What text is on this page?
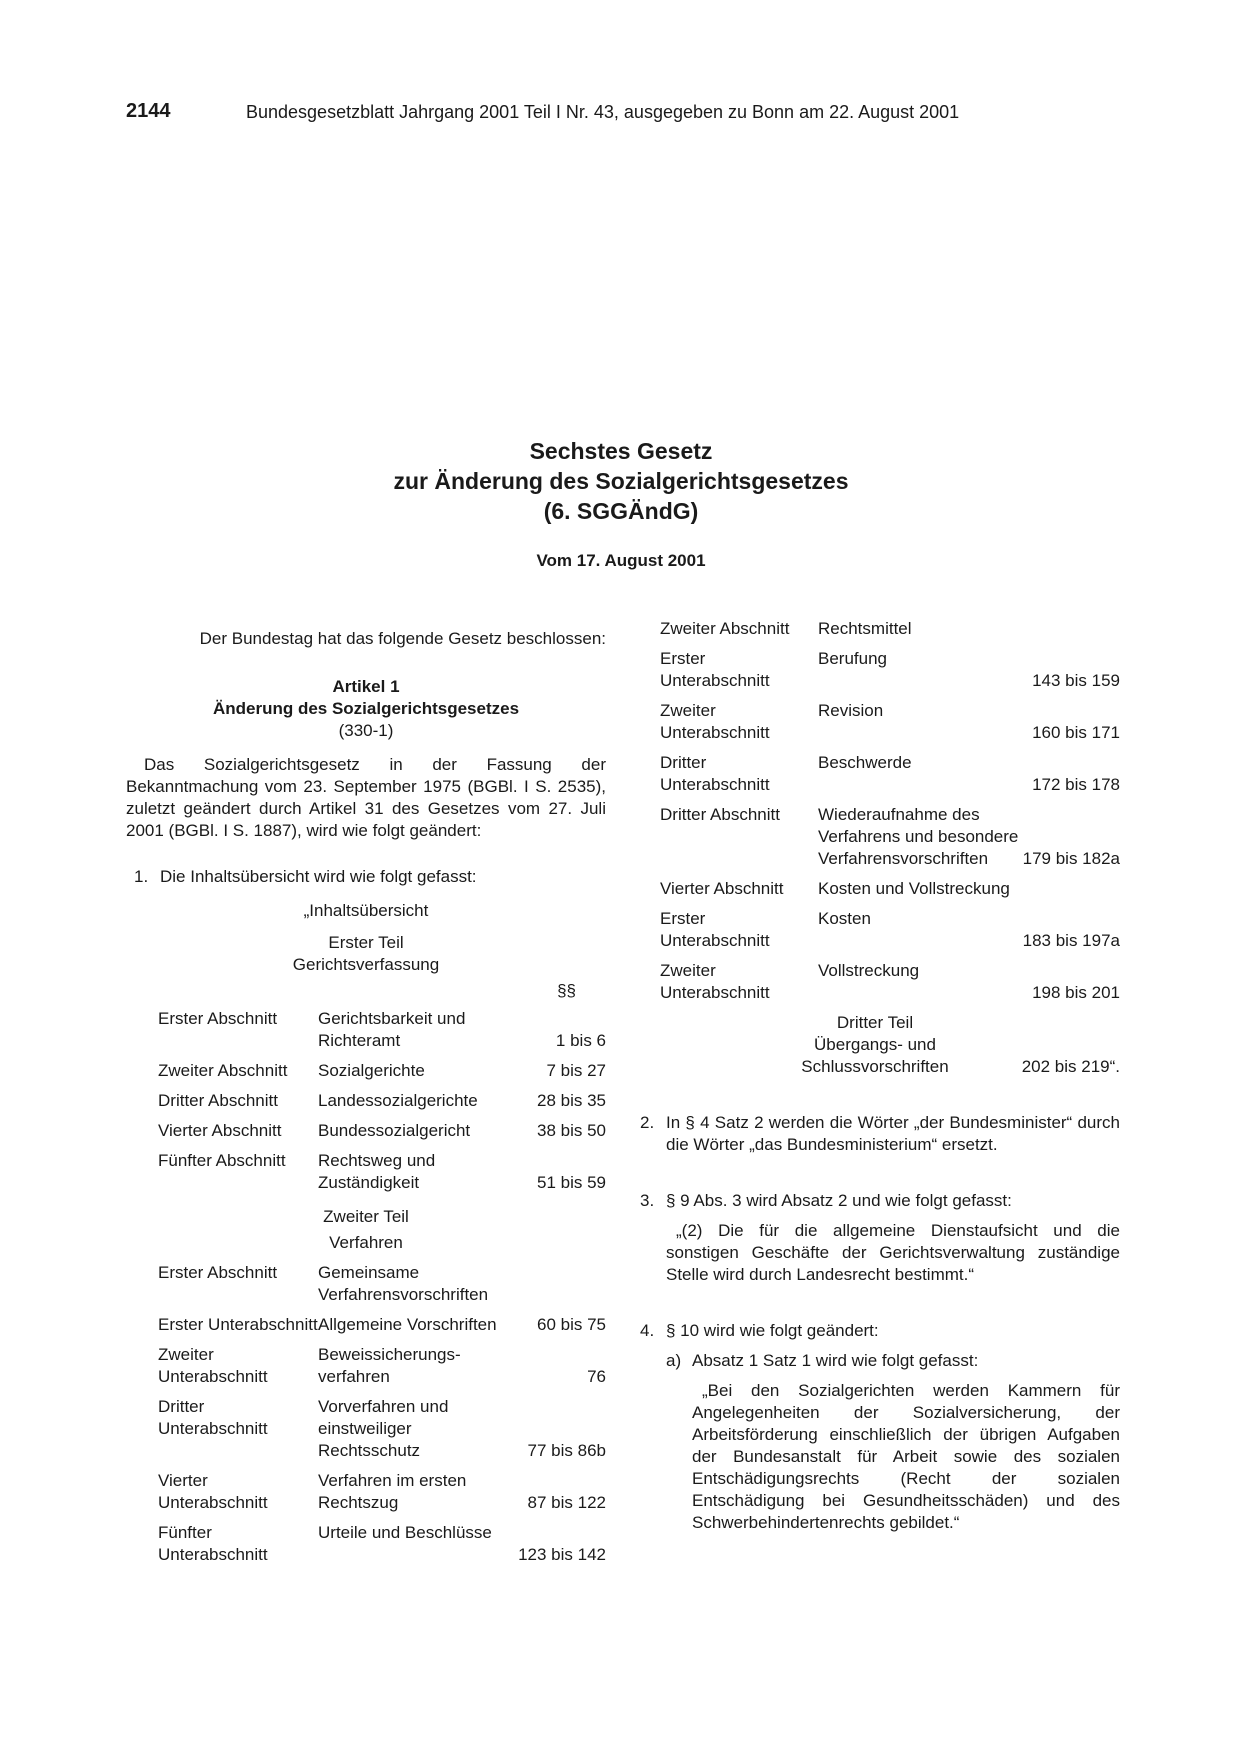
2144	Bundesgesetzblatt Jahrgang 2001 Teil I Nr. 43, ausgegeben zu Bonn am 22. August 2001
Sechstes Gesetz
zur Änderung des Sozialgerichtsgesetzes
(6. SGGÄndG)
Vom 17. August 2001

Der Bundestag hat das folgende Gesetz beschlossen:

Artikel 1

Änderung des Sozialgerichtsgesetzes

(330-1)

Das Sozialgerichtsgesetz in der Fassung der Bekanntmachung vom 23. September 1975 (BGBl. I S. 2535), zuletzt geändert durch Artikel 31 des Gesetzes vom 27. Juli 2001 (BGBl. I S. 1887), wird wie folgt geändert:

1. Die Inhaltsübersicht wird wie folgt gefasst:

„Inhaltsübersicht

Erster Teil

Gerichtsverfassung

§§
Erster Abschnitt	Gerichtsbarkeit und Richteramt	1 bis 6
Zweiter Abschnitt	Sozialgerichte	7 bis 27
Dritter Abschnitt	Landessozialgerichte	28 bis 35
Vierter Abschnitt	Bundessozialgericht	38 bis 50
Fünfter Abschnitt	Rechtsweg und Zuständigkeit	51 bis 59

Zweiter Teil

Verfahren

Erster Abschnitt	Gemeinsame Verfahrensvorschriften	
Erster Unterabschnitt	Allgemeine Vorschriften	60 bis 75
Zweiter Unterabschnitt	Beweissicherungs-verfahren	76
Dritter Unterabschnitt	Vorverfahren und einstweiliger Rechtsschutz	77 bis 86b
Vierter Unterabschnitt	Verfahren im ersten Rechtszug	87 bis 122
Fünfter Unterabschnitt	Urteile und Beschlüsse	123 bis 142
Zweiter Abschnitt	Rechtsmittel	
Erster Unterabschnitt	Berufung	143 bis 159
Zweiter Unterabschnitt	Revision	160 bis 171
Dritter Unterabschnitt	Beschwerde	172 bis 178
Dritter Abschnitt	Wiederaufnahme des Verfahrens und besondere Verfahrensvorschriften	179 bis 182a
Vierter Abschnitt	Kosten und Vollstreckung	
Erster Unterabschnitt	Kosten	183 bis 197a
Zweiter Unterabschnitt	Vollstreckung	198 bis 201
Dritter Teil
Übergangs- und
Schlussvorschriften	202 bis 219“.
2. In § 4 Satz 2 werden die Wörter „der Bundesminister“ durch die Wörter „das Bundesministerium“ ersetzt.
3. § 9 Abs. 3 wird Absatz 2 und wie folgt gefasst:
„(2) Die für die allgemeine Dienstaufsicht und die sonstigen Geschäfte der Gerichtsverwaltung zuständige Stelle wird durch Landesrecht bestimmt.“
4. § 10 wird wie folgt geändert:
a) Absatz 1 Satz 1 wird wie folgt gefasst:
„Bei den Sozialgerichten werden Kammern für Angelegenheiten der Sozialversicherung, der Arbeitsförderung einschließlich der übrigen Aufgaben der Bundesanstalt für Arbeit sowie des sozialen Entschädigungsrechts (Recht der sozialen Entschädigung bei Gesundheitsschäden) und des Schwerbehindertenrechts gebildet.“
